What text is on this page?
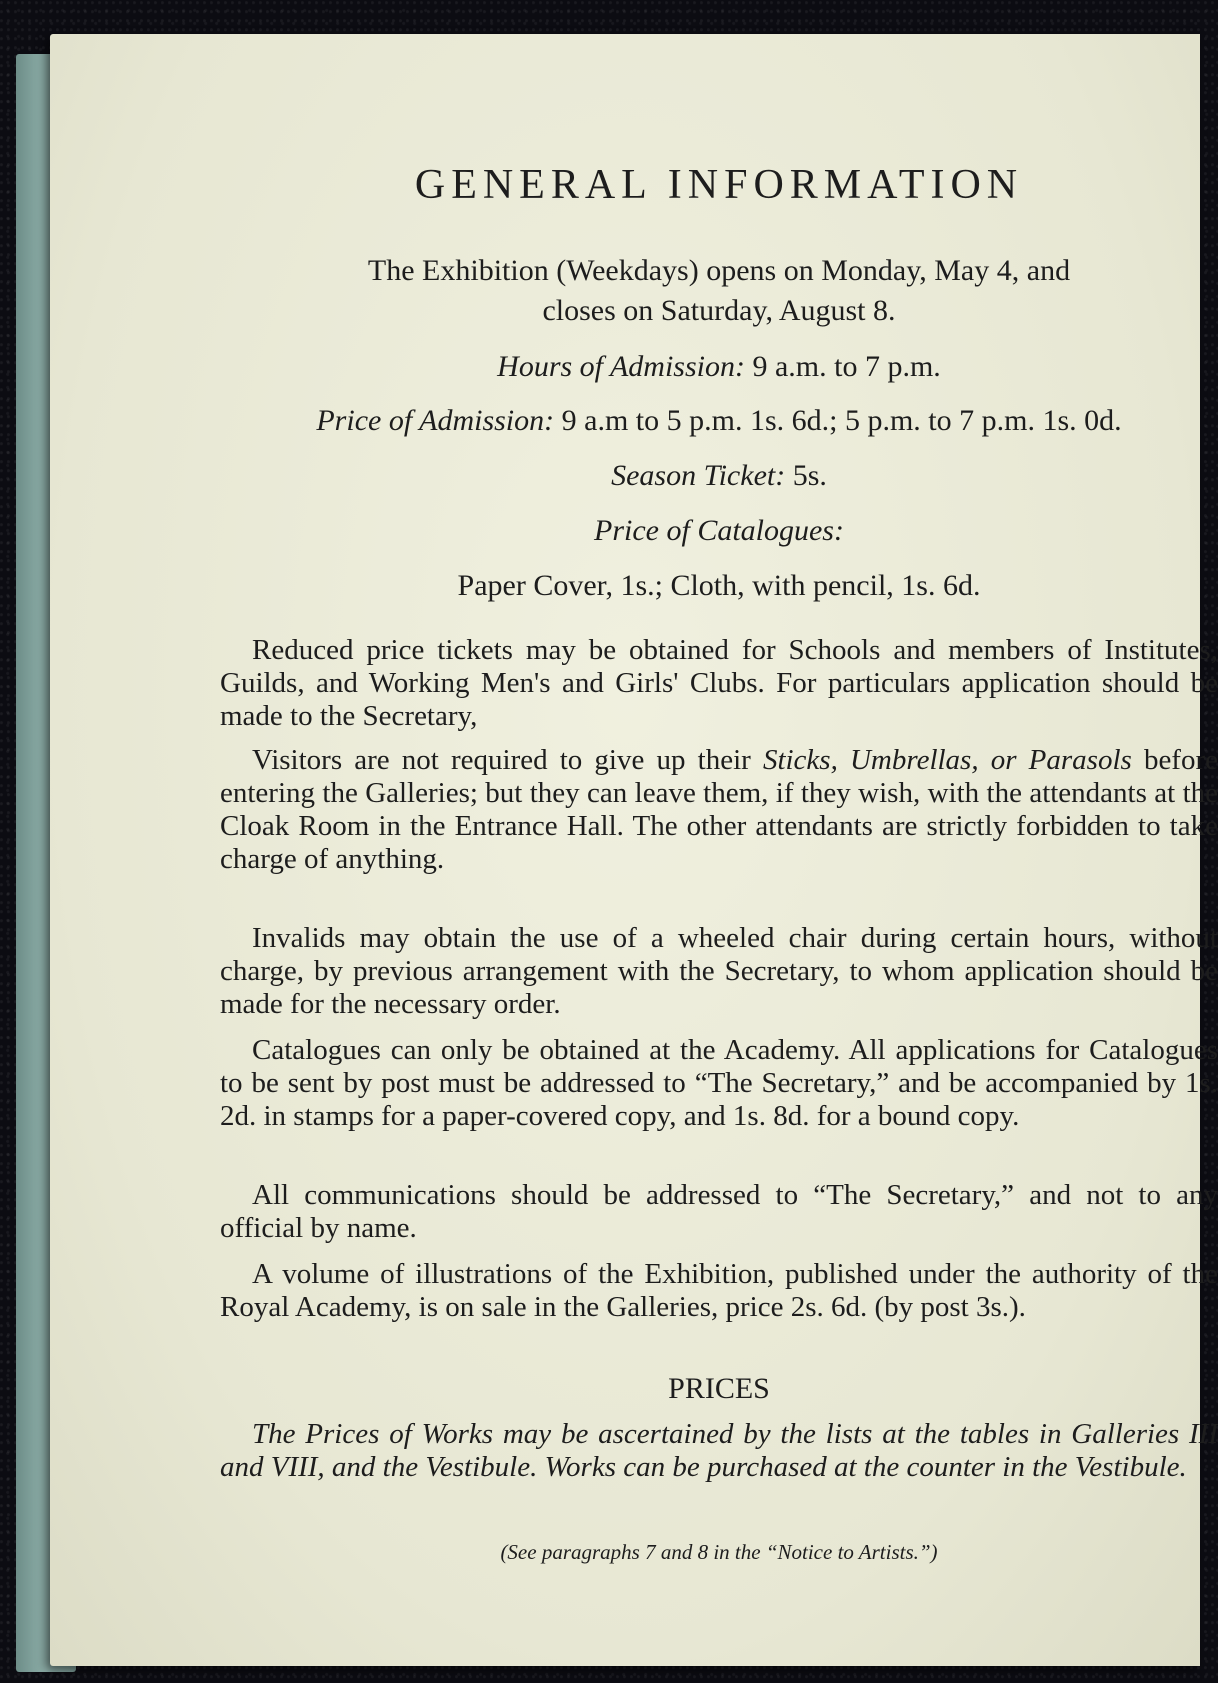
GENERAL INFORMATION
The Exhibition (Weekdays) opens on Monday, May 4, and
closes on Saturday, August 8.
Hours of Admission: 9 a.m. to 7 p.m.
Price of Admission: 9 a.m to 5 p.m. 1s. 6d.; 5 p.m. to 7 p.m. 1s. 0d.
Season Ticket: 5s.
Price of Catalogues:
Paper Cover, 1s.; Cloth, with pencil, 1s. 6d.
Reduced price tickets may be obtained for Schools and members of Institutes, Guilds, and Working Men's and Girls' Clubs. For particulars application should be made to the Secretary,
Visitors are not required to give up their Sticks, Umbrellas, or Parasols before entering the Galleries; but they can leave them, if they wish, with the attendants at the Cloak Room in the Entrance Hall. The other attendants are strictly forbidden to take charge of anything.
Invalids may obtain the use of a wheeled chair during certain hours, without charge, by previous arrangement with the Secretary, to whom application should be made for the necessary order.
Catalogues can only be obtained at the Academy. All applications for Catalogues to be sent by post must be addressed to “The Secretary,” and be accompanied by 1s. 2d. in stamps for a paper-covered copy, and 1s. 8d. for a bound copy.
All communications should be addressed to “The Secretary,” and not to any official by name.
A volume of illustrations of the Exhibition, published under the authority of the Royal Academy, is on sale in the Galleries, price 2s. 6d. (by post 3s.).
PRICES
The Prices of Works may be ascertained by the lists at the tables in Galleries III and VIII, and the Vestibule. Works can be purchased at the counter in the Vestibule.
(See paragraphs 7 and 8 in the “Notice to Artists.”)
